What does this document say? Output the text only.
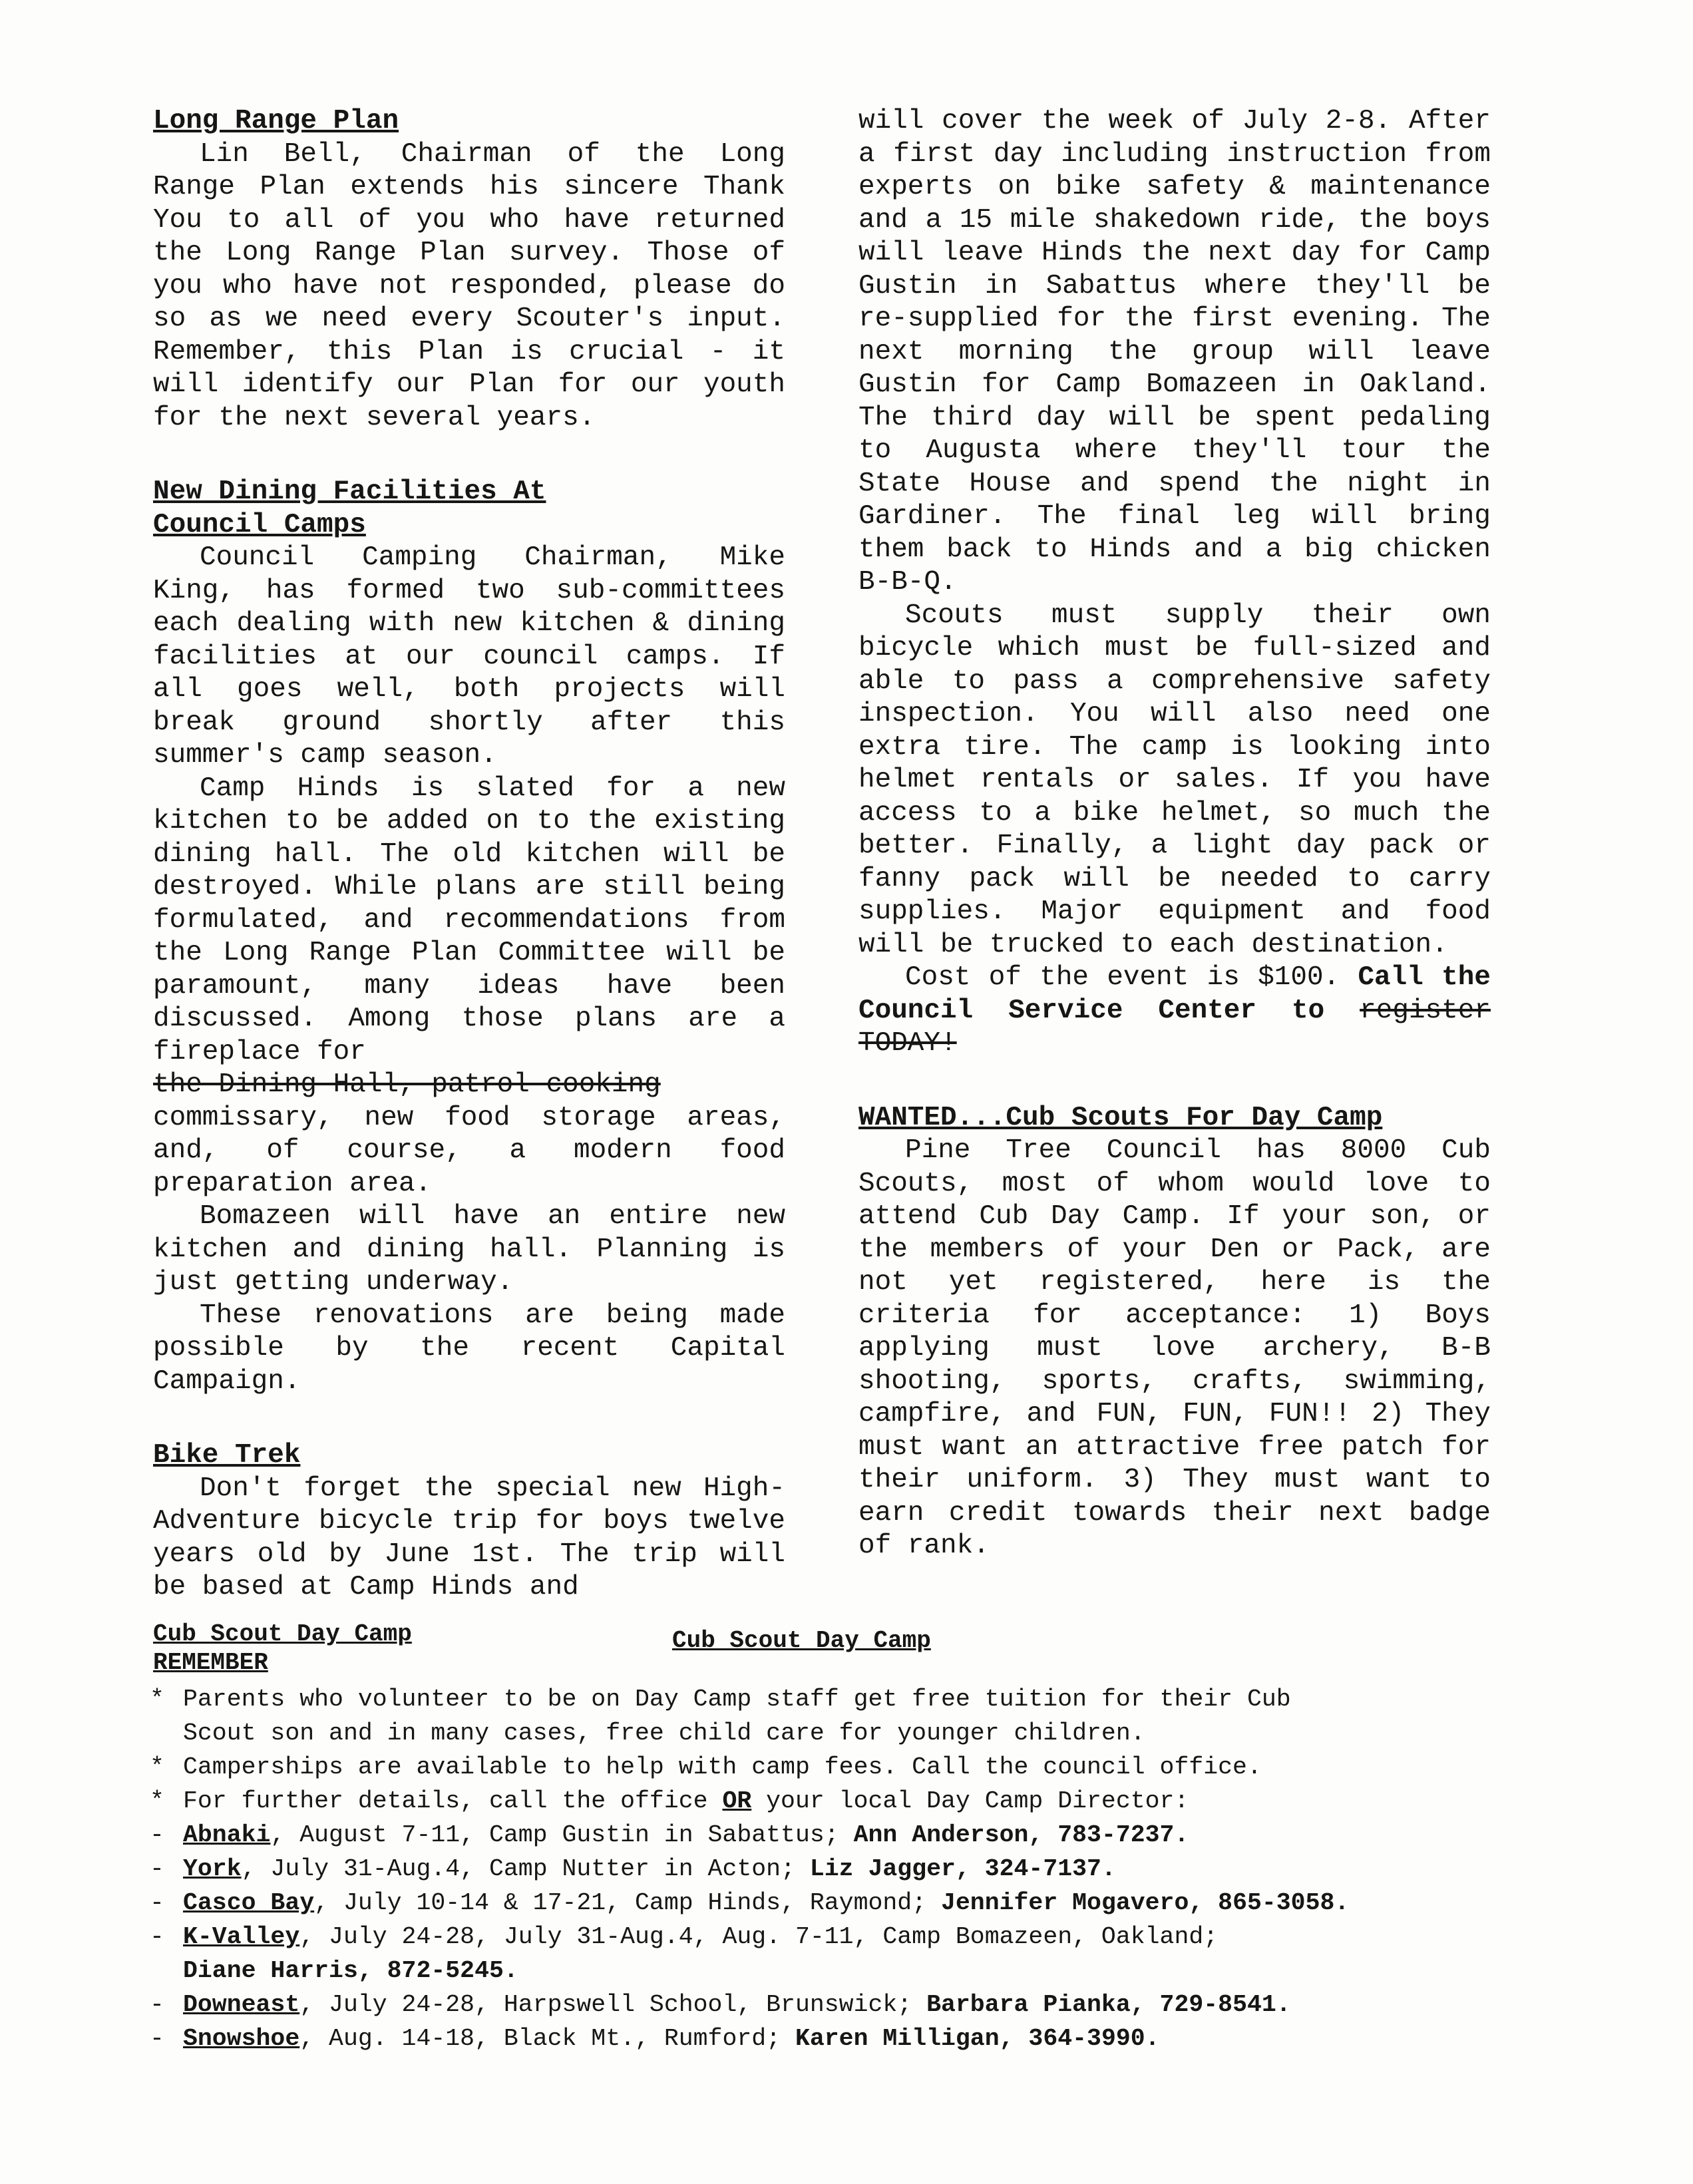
Long Range Plan

Lin Bell, Chairman of the Long Range Plan extends his sincere Thank You to all of you who have returned the Long Range Plan survey. Those of you who have not responded, please do so as we need every Scouter's input. Remember, this Plan is crucial - it will identify our Plan for our youth for the next several years.

New Dining Facilities At

Council Camps

Council Camping Chairman, Mike King, has formed two sub-committees each dealing with new kitchen & dining facilities at our council camps. If all goes well, both projects will break ground shortly after this summer's camp season.

Camp Hinds is slated for a new kitchen to be added on to the existing dining hall. The old kitchen will be destroyed. While plans are still being formulated, and recommendations from the Long Range Plan Committee will be paramount, many ideas have been discussed. Among those plans are a fireplace for

the Dining Hall, patrol cooking

commissary, new food storage areas, and, of course, a modern food preparation area.

Bomazeen will have an entire new kitchen and dining hall. Planning is just getting underway.

These renovations are being made possible by the recent Capital Campaign.

Bike Trek

Don't forget the special new High-Adventure bicycle trip for boys twelve years old by June 1st. The trip will be based at Camp Hinds and

will cover the week of July 2-8. After a first day including instruction from experts on bike safety & maintenance and a 15 mile shakedown ride, the boys will leave Hinds the next day for Camp Gustin in Sabattus where they'll be re-supplied for the first evening. The next morning the group will leave Gustin for Camp Bomazeen in Oakland. The third day will be spent pedaling to Augusta where they'll tour the State House and spend the night in Gardiner. The final leg will bring them back to Hinds and a big chicken B-B-Q.

Scouts must supply their own bicycle which must be full-sized and able to pass a comprehensive safety inspection. You will also need one extra tire. The camp is looking into helmet rentals or sales. If you have access to a bike helmet, so much the better. Finally, a light day pack or fanny pack will be needed to carry supplies. Major equipment and food will be trucked to each destination.

Cost of the event is $100. Call the Council Service Center to register TODAY!

WANTED...Cub Scouts For Day Camp

Pine Tree Council has 8000 Cub Scouts, most of whom would love to attend Cub Day Camp. If your son, or the members of your Den or Pack, are not yet registered, here is the criteria for acceptance: 1) Boys applying must love archery, B-B shooting, sports, crafts, swimming, campfire, and FUN, FUN, FUN!! 2) They must want an attractive free patch for their uniform. 3) They must want to earn credit towards their next badge of rank.

Cub Scout Day Camp	Cub Scout Day Camp
REMEMBER
* Parents who volunteer to be on Day Camp staff get free tuition for their Cub
Scout son and in many cases, free child care for younger children.
* Camperships are available to help with camp fees. Call the council office.
* For further details, call the office OR your local Day Camp Director:
- Abnaki, August 7-11, Camp Gustin in Sabattus; Ann Anderson, 783-7237.
- York, July 31-Aug.4, Camp Nutter in Acton; Liz Jagger, 324-7137.
- Casco Bay, July 10-14 & 17-21, Camp Hinds, Raymond; Jennifer Mogavero, 865-3058.
- K-Valley, July 24-28, July 31-Aug.4, Aug. 7-11, Camp Bomazeen, Oakland;
Diane Harris, 872-5245.
- Downeast, July 24-28, Harpswell School, Brunswick; Barbara Pianka, 729-8541.
- Snowshoe, Aug. 14-18, Black Mt., Rumford; Karen Milligan, 364-3990.
